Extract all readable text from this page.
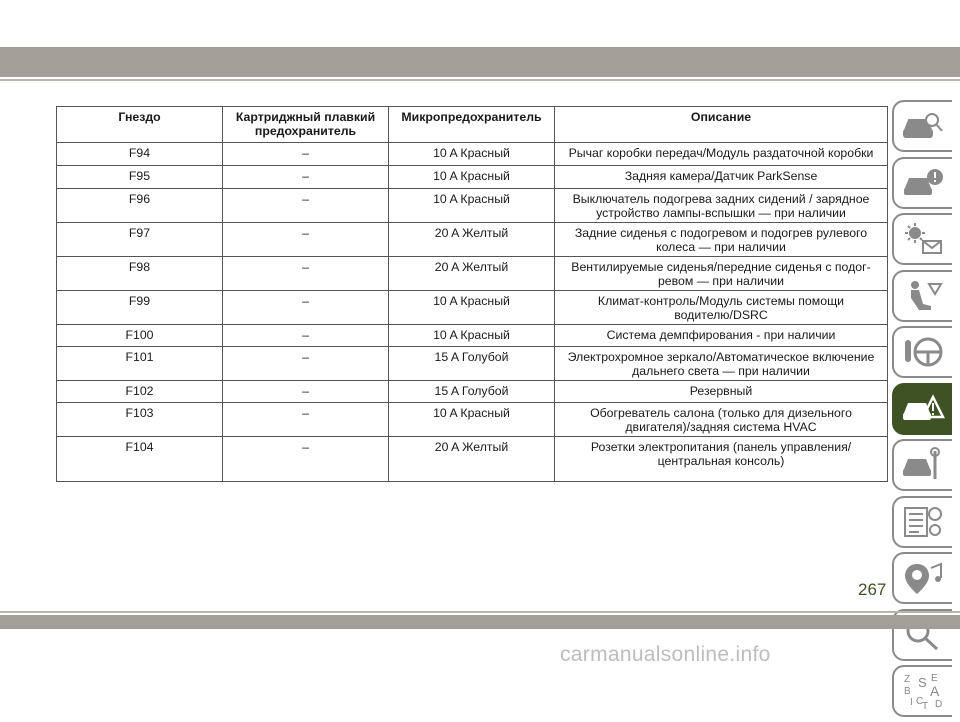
Гнездо	Картриджный плавкий предохранитель	Микропредохранитель	Описание
F94	–	10 A Красный	Рычаг коробки передач/Модуль раздаточной коробки
F95	–	10 A Красный	Задняя камера/Датчик ParkSense
F96	–	10 A Красный	Выключатель подогрева задних сидений / зарядное устройство лампы-вспышки — при наличии
F97	–	20 A Желтый	Задние сиденья с подогревом и подогрев рулевого колеса — при наличии
F98	–	20 A Желтый	Вентилируемые сиденья/передние сиденья с подогревом — при наличии
F99	–	10 A Красный	Климат-контроль/Модуль системы помощи водителю/DSRC
F100	–	10 A Красный	Система демпфирования - при наличии
F101	–	15 A Голубой	Электрохромное зеркало/Автоматическое включение дальнего света — при наличии
F102	–	15 A Голубой	Резервный
F103	–	10 A Красный	Обогреватель салона (только для дизельного двигателя)/задняя система HVAC
F104	–	20 A Желтый	Розетки электропитания (панель управления/ центральная консоль)
Z E
B
S
A
I C D
T
267
carmanualsonline.info
